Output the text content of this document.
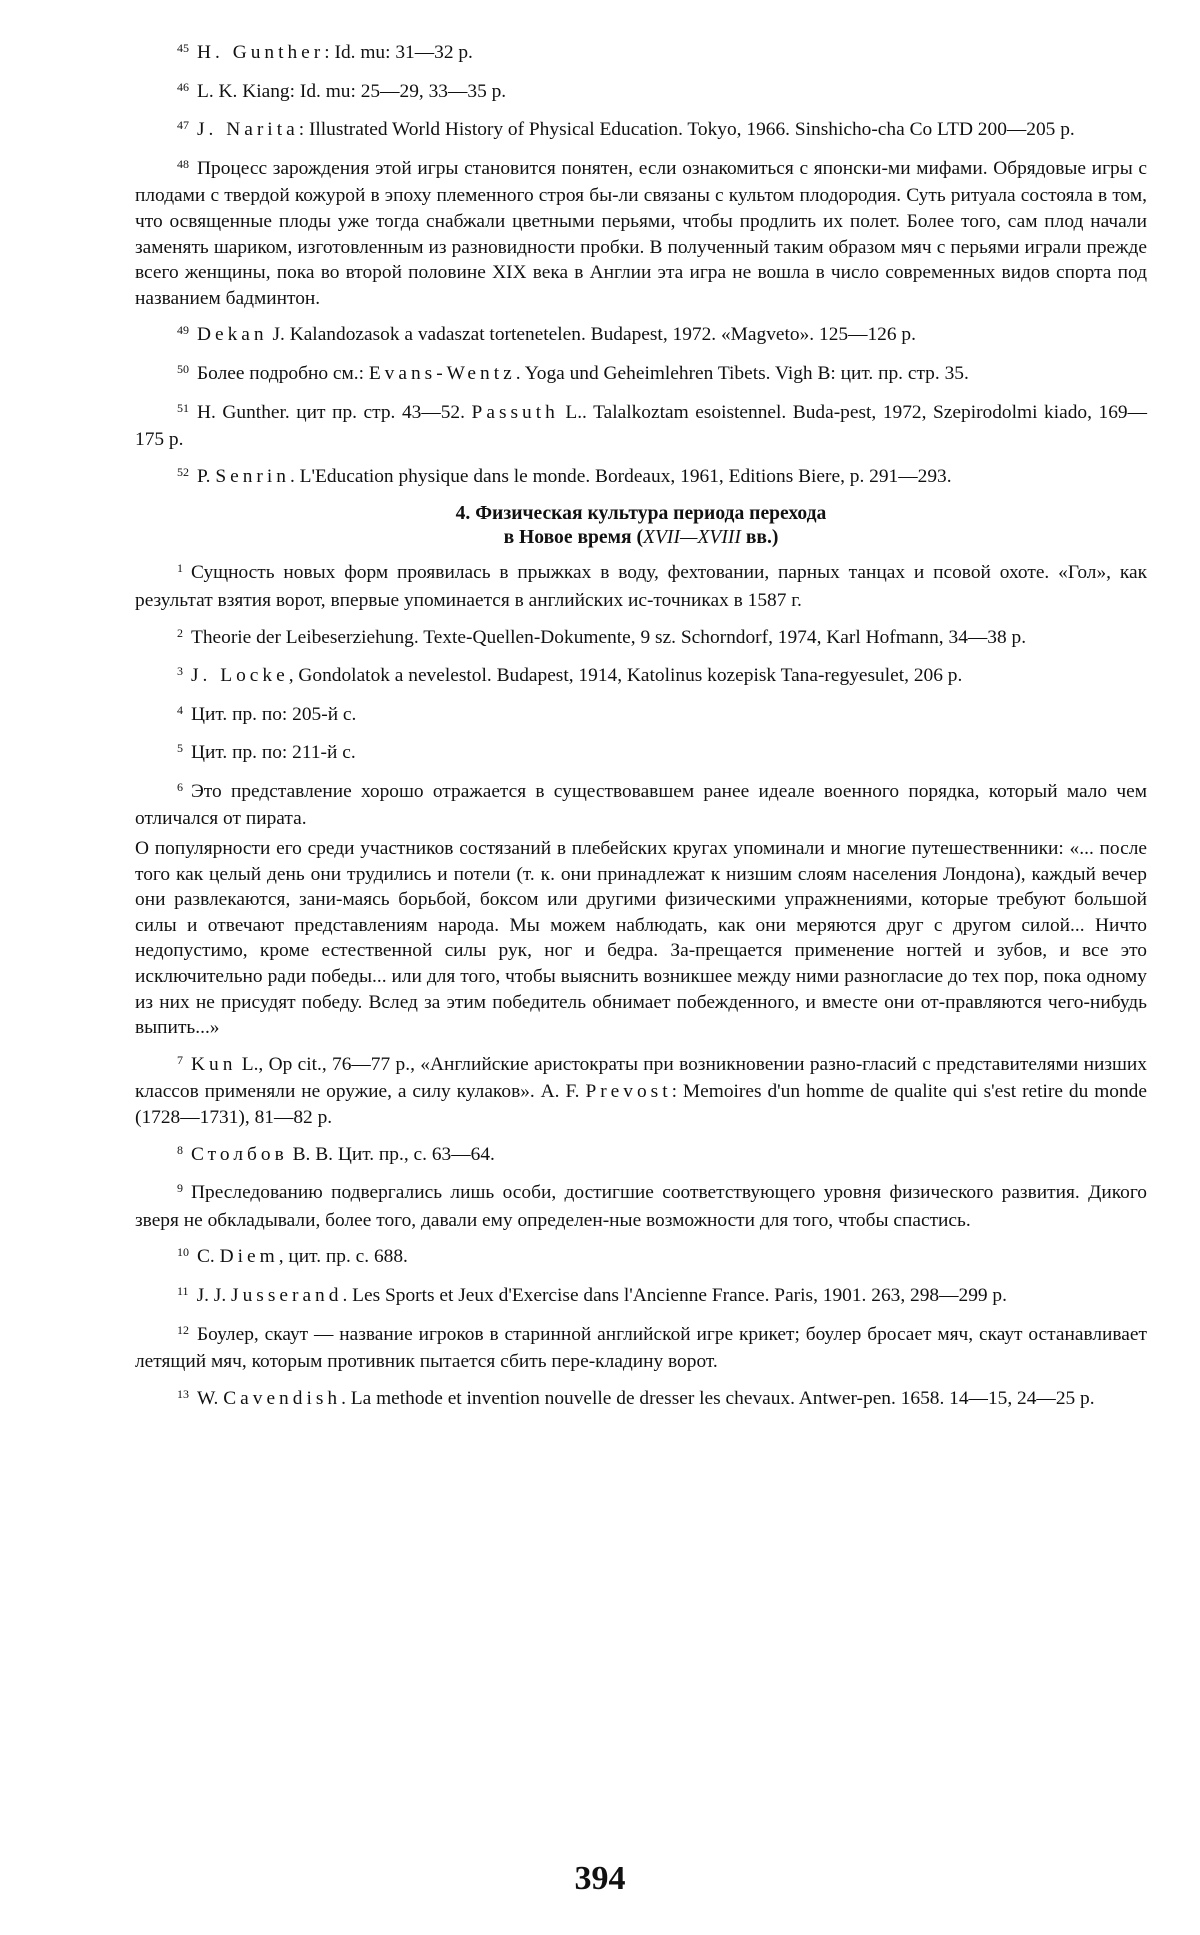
$^{45}$ H. Gunther: Id. mu: 31—32 p.

$^{46}$ L. K. Kiang: Id. mu: 25—29, 33—35 p.

$^{47}$ J. Narita: Illustrated World History of Physical Education. Tokyo, 1966. Sinshicho-cha Co LTD 200—205 p.

$^{48}$ Процесс зарождения этой игры становится понятен, если ознакомиться с японски-ми мифами. Обрядовые игры с плодами с твердой кожурой в эпоху племенного строя бы-ли связаны с культом плодородия. Суть ритуала состояла в том, что освященные плоды уже тогда снабжали цветными перьями, чтобы продлить их полет. Более того, сам плод начали заменять шариком, изготовленным из разновидности пробки. В полученный таким образом мяч с перьями играли прежде всего женщины, пока во второй половине XIX века в Англии эта игра не вошла в число современных видов спорта под названием бадминтон.

$^{49}$ Dekan J. Kalandozasok a vadaszat tortenetelen. Budapest, 1972. «Magveto». 125—126 p.

$^{50}$ Более подробно см.: Evans-Wentz. Yoga und Geheimlehren Tibets. Vigh B: цит. пр. стр. 35.

$^{51}$ H. Gunther. цит пр. стр. 43—52. Passuth L.. Talalkoztam esoistennel. Buda-pest, 1972, Szepirodolmi kiado, 169—175 p.

$^{52}$ P. Senrin. L'Education physique dans le monde. Bordeaux, 1961, Editions Biere, p. 291—293.

4. Физическая культура периода перехода
в Новое время (XVII—XVIII вв.)

$^1$ Сущность новых форм проявилась в прыжках в воду, фехтовании, парных танцах и псовой охоте. «Гол», как результат взятия ворот, впервые упоминается в английских ис-точниках в 1587 г.

$^2$ Theorie der Leibeserziehung. Texte-Quellen-Dokumente, 9 sz. Schorndorf, 1974, Karl Hofmann, 34—38 p.

$^3$ J. Locke, Gondolatok a nevelestol. Budapest, 1914, Katolinus kozepisk Tana-regyesulet, 206 p.

$^4$ Цит. пр. по: 205-й с.

$^5$ Цит. пр. по: 211-й с.

$^6$ Это представление хорошо отражается в существовавшем ранее идеале военного порядка, который мало чем отличался от пирата.

О популярности его среди участников состязаний в плебейских кругах упоминали и многие путешественники: «... после того как целый день они трудились и потели (т. к. они принадлежат к низшим слоям населения Лондона), каждый вечер они развлекаются, зани-маясь борьбой, боксом или другими физическими упражнениями, которые требуют большой силы и отвечают представлениям народа. Мы можем наблюдать, как они меряются друг с другом силой... Ничто недопустимо, кроме естественной силы рук, ног и бедра. За-прещается применение ногтей и зубов, и все это исключительно ради победы... или для того, чтобы выяснить возникшее между ними разногласие до тех пор, пока одному из них не присудят победу. Вслед за этим победитель обнимает побежденного, и вместе они от-правляются чего-нибудь выпить...»

$^7$ Kun L., Op cit., 76—77 p., «Английские аристократы при возникновении разно-гласий с представителями низших классов применяли не оружие, а силу кулаков». A. F. Prevost: Memoires d'un homme de qualite qui s'est retire du monde (1728—1731), 81—82 p.

$^8$ Столбов В. В. Цит. пр., с. 63—64.

$^9$ Преследованию подвергались лишь особи, достигшие соответствующего уровня физического развития. Дикого зверя не обкладывали, более того, давали ему определен-ные возможности для того, чтобы спастись.

$^{10}$ C. Diem, цит. пр. с. 688.

$^{11}$ J. J. Jusserand. Les Sports et Jeux d'Exercise dans l'Ancienne France. Paris, 1901. 263, 298—299 p.

$^{12}$ Боулер, скаут — название игроков в старинной английской игре крикет; боулер бросает мяч, скаут останавливает летящий мяч, которым противник пытается сбить пере-кладину ворот.

$^{13}$ W. Cavendish. La methode et invention nouvelle de dresser les chevaux. Antwer-pen. 1658. 14—15, 24—25 p.

394
